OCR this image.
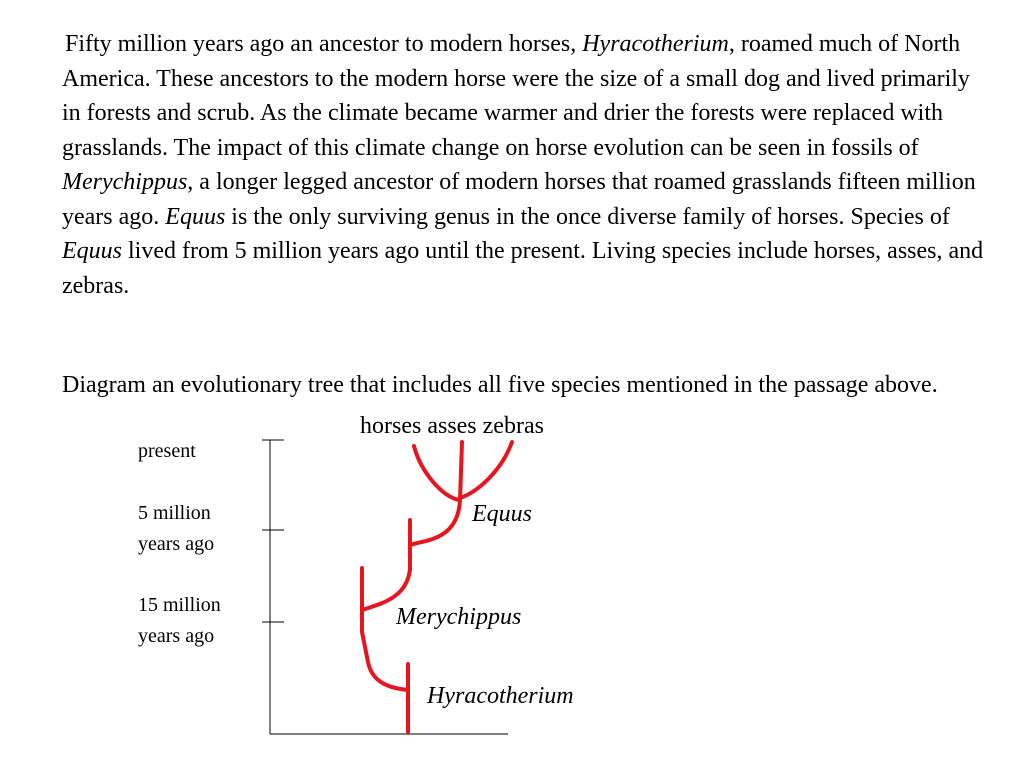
Fifty million years ago an ancestor to modern horses, Hyracotherium, roamed much of North America. These ancestors to the modern horse were the size of a small dog and lived primarily in forests and scrub. As the climate became warmer and drier the forests were replaced with grasslands. The impact of this climate change on horse evolution can be seen in fossils of Merychippus, a longer legged ancestor of modern horses that roamed grasslands fifteen million years ago. Equus is the only surviving genus in the once diverse family of horses. Species of Equus lived from 5 million years ago until the present. Living species include horses, asses, and zebras.

Diagram an evolutionary tree that includes all five species mentioned in the passage above.

present
5 million
years ago
15 million
years ago
horses asses zebras
Equus
Merychippus
Hyracotherium
